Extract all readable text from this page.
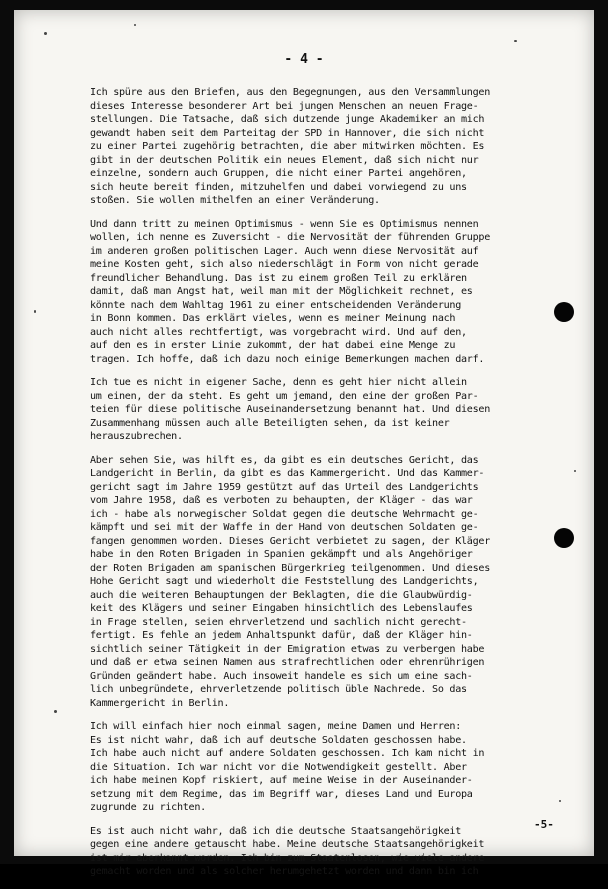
- 4 -
Ich spüre aus den Briefen, aus den Begegnungen, aus den Versammlungen
dieses Interesse besonderer Art bei jungen Menschen an neuen Frage-
stellungen. Die Tatsache, daß sich dutzende junge Akademiker an mich
gewandt haben seit dem Parteitag der SPD in Hannover, die sich nicht
zu einer Partei zugehörig betrachten, die aber mitwirken möchten. Es
gibt in der deutschen Politik ein neues Element, daß sich nicht nur
einzelne, sondern auch Gruppen, die nicht einer Partei angehören,
sich heute bereit finden, mitzuhelfen und dabei vorwiegend zu uns
stoßen. Sie wollen mithelfen an einer Veränderung.
Und dann tritt zu meinen Optimismus - wenn Sie es Optimismus nennen
wollen, ich nenne es Zuversicht - die Nervosität der führenden Gruppe
im anderen großen politischen Lager. Auch wenn diese Nervosität auf
meine Kosten geht, sich also niederschlägt in Form von nicht gerade
freundlicher Behandlung. Das ist zu einem großen Teil zu erklären
damit, daß man Angst hat, weil man mit der Möglichkeit rechnet, es
könnte nach dem Wahltag 1961 zu einer entscheidenden Veränderung
in Bonn kommen. Das erklärt vieles, wenn es meiner Meinung nach
auch nicht alles rechtfertigt, was vorgebracht wird. Und auf den,
auf den es in erster Linie zukommt, der hat dabei eine Menge zu
tragen. Ich hoffe, daß ich dazu noch einige Bemerkungen machen darf.
Ich tue es nicht in eigener Sache, denn es geht hier nicht allein
um einen, der da steht. Es geht um jemand, den eine der großen Par-
teien für diese politische Auseinandersetzung benannt hat. Und diesen
Zusammenhang müssen auch alle Beteiligten sehen, da ist keiner
herauszubrechen.
Aber sehen Sie, was hilft es, da gibt es ein deutsches Gericht, das
Landgericht in Berlin, da gibt es das Kammergericht. Und das Kammer-
gericht sagt im Jahre 1959 gestützt auf das Urteil des Landgerichts
vom Jahre 1958, daß es verboten zu behaupten, der Kläger - das war
ich - habe als norwegischer Soldat gegen die deutsche Wehrmacht ge-
kämpft und sei mit der Waffe in der Hand von deutschen Soldaten ge-
fangen genommen worden. Dieses Gericht verbietet zu sagen, der Kläger
habe in den Roten Brigaden in Spanien gekämpft und als Angehöriger
der Roten Brigaden am spanischen Bürgerkrieg teilgenommen. Und dieses
Hohe Gericht sagt und wiederholt die Feststellung des Landgerichts,
auch die weiteren Behauptungen der Beklagten, die die Glaubwürdig-
keit des Klägers und seiner Eingaben hinsichtlich des Lebenslaufes
in Frage stellen, seien ehrverletzend und sachlich nicht gerecht-
fertigt. Es fehle an jedem Anhaltspunkt dafür, daß der Kläger hin-
sichtlich seiner Tätigkeit in der Emigration etwas zu verbergen habe
und daß er etwa seinen Namen aus strafrechtlichen oder ehrenrührigen
Gründen geändert habe. Auch insoweit handele es sich um eine sach-
lich unbegründete, ehrverletzende politisch üble Nachrede. So das
Kammergericht in Berlin.
Ich will einfach hier noch einmal sagen, meine Damen und Herren:
Es ist nicht wahr, daß ich auf deutsche Soldaten geschossen habe.
Ich habe auch nicht auf andere Soldaten geschossen. Ich kam nicht in
die Situation. Ich war nicht vor die Notwendigkeit gestellt. Aber
ich habe meinen Kopf riskiert, auf meine Weise in der Auseinander-
setzung mit dem Regime, das im Begriff war, dieses Land und Europa
zugrunde zu richten.
Es ist auch nicht wahr, daß ich die deutsche Staatsangehörigkeit
gegen eine andere getauscht habe. Meine deutsche Staatsangehörigkeit
ist mir aberkannt worden. Ich bin zum Staatenlosen, wie viele andere
gemacht worden und als solcher herumgehetzt worden und dann bin ich
-5-
